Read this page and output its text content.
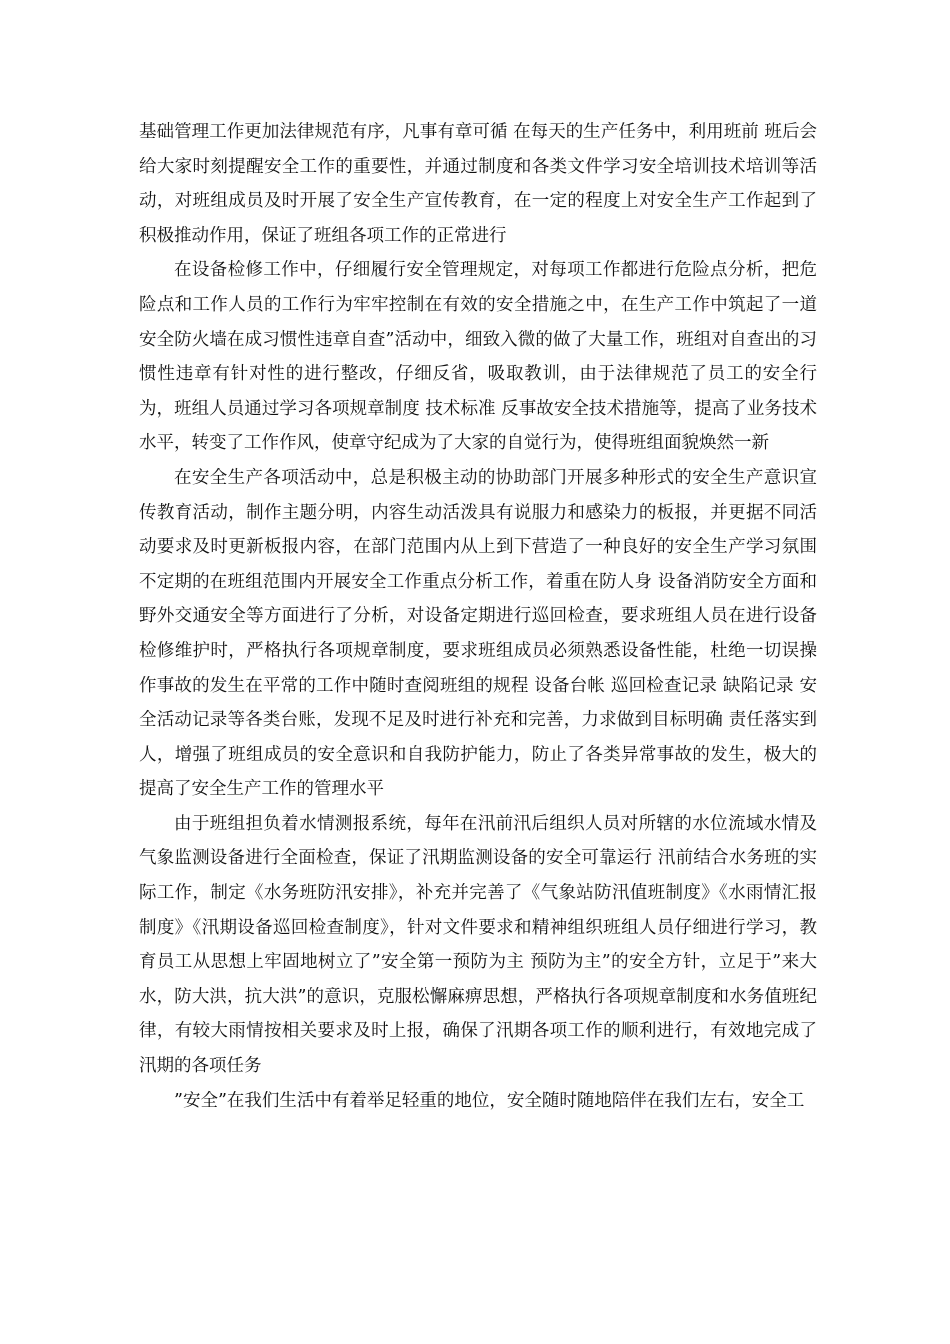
基础管理工作更加法律规范有序，凡事有章可循 在每天的生产任务中，利用班前 班后会给大家时刻提醒安全工作的重要性，并通过制度和各类文件学习安全培训技术培训等活动，对班组成员及时开展了安全生产宣传教育，在一定的程度上对安全生产工作起到了积极推动作用，保证了班组各项工作的正常进行

在设备检修工作中，仔细履行安全管理规定，对每项工作都进行危险点分析，把危险点和工作人员的工作行为牢牢控制在有效的安全措施之中，在生产工作中筑起了一道安全防火墙在成习惯性违章自查”活动中，细致入微的做了大量工作，班组对自查出的习惯性违章有针对性的进行整改，仔细反省，吸取教训，由于法律规范了员工的安全行为，班组人员通过学习各项规章制度 技术标准 反事故安全技术措施等，提高了业务技术水平，转变了工作作风，使章守纪成为了大家的自觉行为，使得班组面貌焕然一新

在安全生产各项活动中，总是积极主动的协助部门开展多种形式的安全生产意识宣传教育活动，制作主题分明，内容生动活泼具有说服力和感染力的板报，并更据不同活动要求及时更新板报内容，在部门范围内从上到下营造了一种良好的安全生产学习氛围不定期的在班组范围内开展安全工作重点分析工作，着重在防人身 设备消防安全方面和野外交通安全等方面进行了分析，对设备定期进行巡回检查，要求班组人员在进行设备检修维护时，严格执行各项规章制度，要求班组成员必须熟悉设备性能，杜绝一切误操作事故的发生在平常的工作中随时查阅班组的规程 设备台帐 巡回检查记录 缺陷记录 安全活动记录等各类台账，发现不足及时进行补充和完善，力求做到目标明确 责任落实到人，增强了班组成员的安全意识和自我防护能力，防止了各类异常事故的发生，极大的提高了安全生产工作的管理水平

由于班组担负着水情测报系统，每年在汛前汛后组织人员对所辖的水位流域水情及气象监测设备进行全面检查，保证了汛期监测设备的安全可靠运行 汛前结合水务班的实际工作，制定《水务班防汛安排》，补充并完善了《气象站防汛值班制度》《水雨情汇报制度》《汛期设备巡回检查制度》，针对文件要求和精神组织班组人员仔细进行学习，教育员工从思想上牢固地树立了”安全第一预防为主 预防为主”的安全方针，立足于”来大水，防大洪，抗大洪”的意识，克服松懈麻痹思想，严格执行各项规章制度和水务值班纪律，有较大雨情按相关要求及时上报，确保了汛期各项工作的顺利进行，有效地完成了汛期的各项任务

”安全”在我们生活中有着举足轻重的地位，安全随时随地陪伴在我们左右，安全工
